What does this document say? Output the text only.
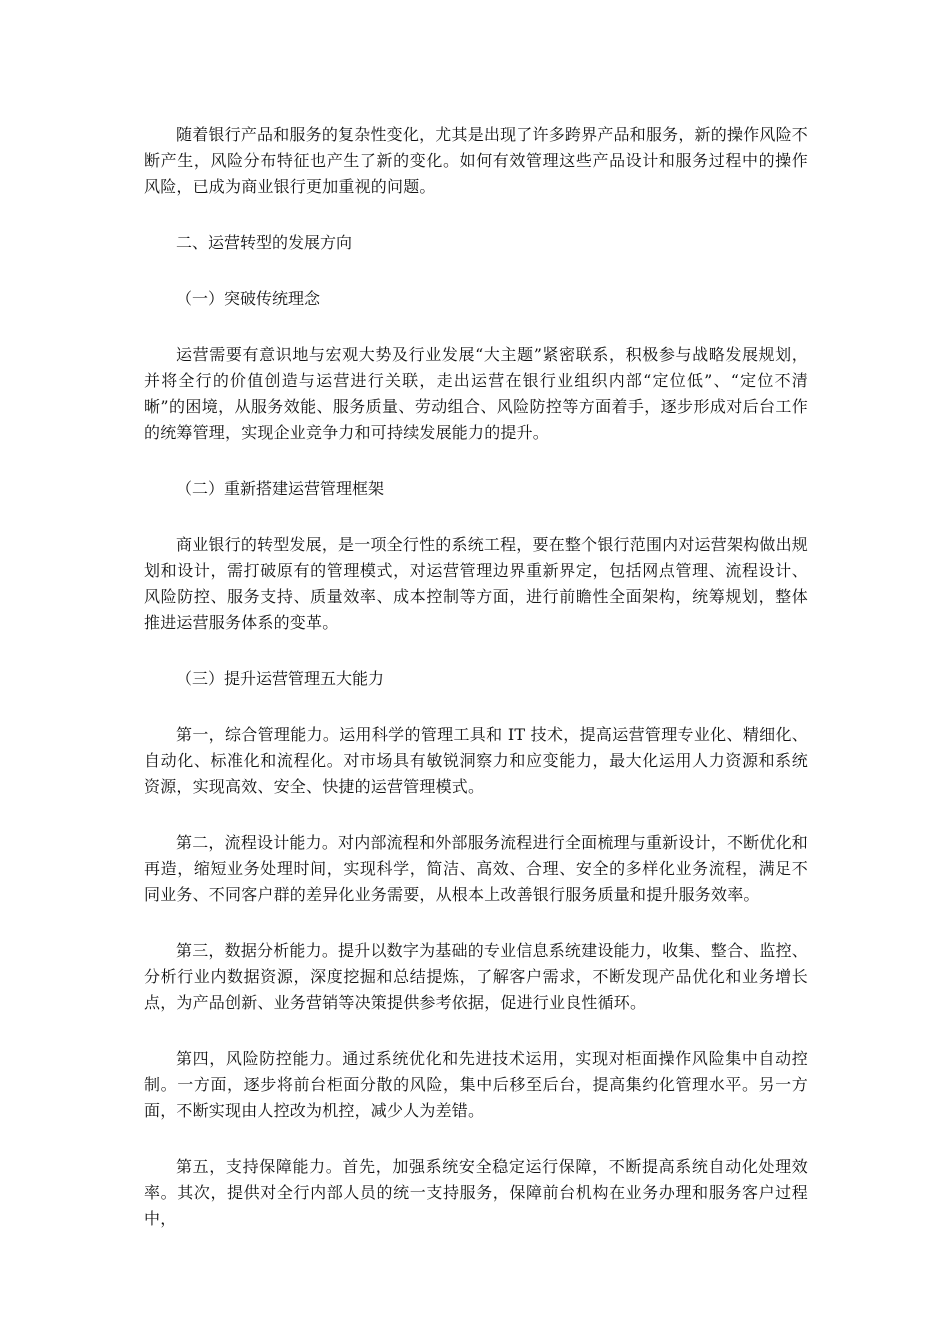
随着银行产品和服务的复杂性变化，尤其是出现了许多跨界产品和服务，新的操作风险不断产生，风险分布特征也产生了新的变化。如何有效管理这些产品设计和服务过程中的操作风险，已成为商业银行更加重视的问题。

二、运营转型的发展方向

（一）突破传统理念

运营需要有意识地与宏观大势及行业发展“大主题”紧密联系，积极参与战略发展规划，并将全行的价值创造与运营进行关联，走出运营在银行业组织内部“定位低”、“定位不清晰”的困境，从服务效能、服务质量、劳动组合、风险防控等方面着手，逐步形成对后台工作的统筹管理，实现企业竞争力和可持续发展能力的提升。

（二）重新搭建运营管理框架

商业银行的转型发展，是一项全行性的系统工程，要在整个银行范围内对运营架构做出规划和设计，需打破原有的管理模式，对运营管理边界重新界定，包括网点管理、流程设计、风险防控、服务支持、质量效率、成本控制等方面，进行前瞻性全面架构，统筹规划，整体推进运营服务体系的变革。

（三）提升运营管理五大能力

第一，综合管理能力。运用科学的管理工具和 IT 技术，提高运营管理专业化、精细化、自动化、标准化和流程化。对市场具有敏锐洞察力和应变能力，最大化运用人力资源和系统资源，实现高效、安全、快捷的运营管理模式。

第二，流程设计能力。对内部流程和外部服务流程进行全面梳理与重新设计，不断优化和再造，缩短业务处理时间，实现科学，简洁、高效、合理、安全的多样化业务流程，满足不同业务、不同客户群的差异化业务需要，从根本上改善银行服务质量和提升服务效率。

第三，数据分析能力。提升以数字为基础的专业信息系统建设能力，收集、整合、监控、分析行业内数据资源，深度挖掘和总结提炼，了解客户需求，不断发现产品优化和业务增长点，为产品创新、业务营销等决策提供参考依据，促进行业良性循环。

第四，风险防控能力。通过系统优化和先进技术运用，实现对柜面操作风险集中自动控制。一方面，逐步将前台柜面分散的风险，集中后移至后台，提高集约化管理水平。另一方面，不断实现由人控改为机控，减少人为差错。

第五，支持保障能力。首先，加强系统安全稳定运行保障，不断提高系统自动化处理效率。其次，提供对全行内部人员的统一支持服务，保障前台机构在业务办理和服务客户过程中，
